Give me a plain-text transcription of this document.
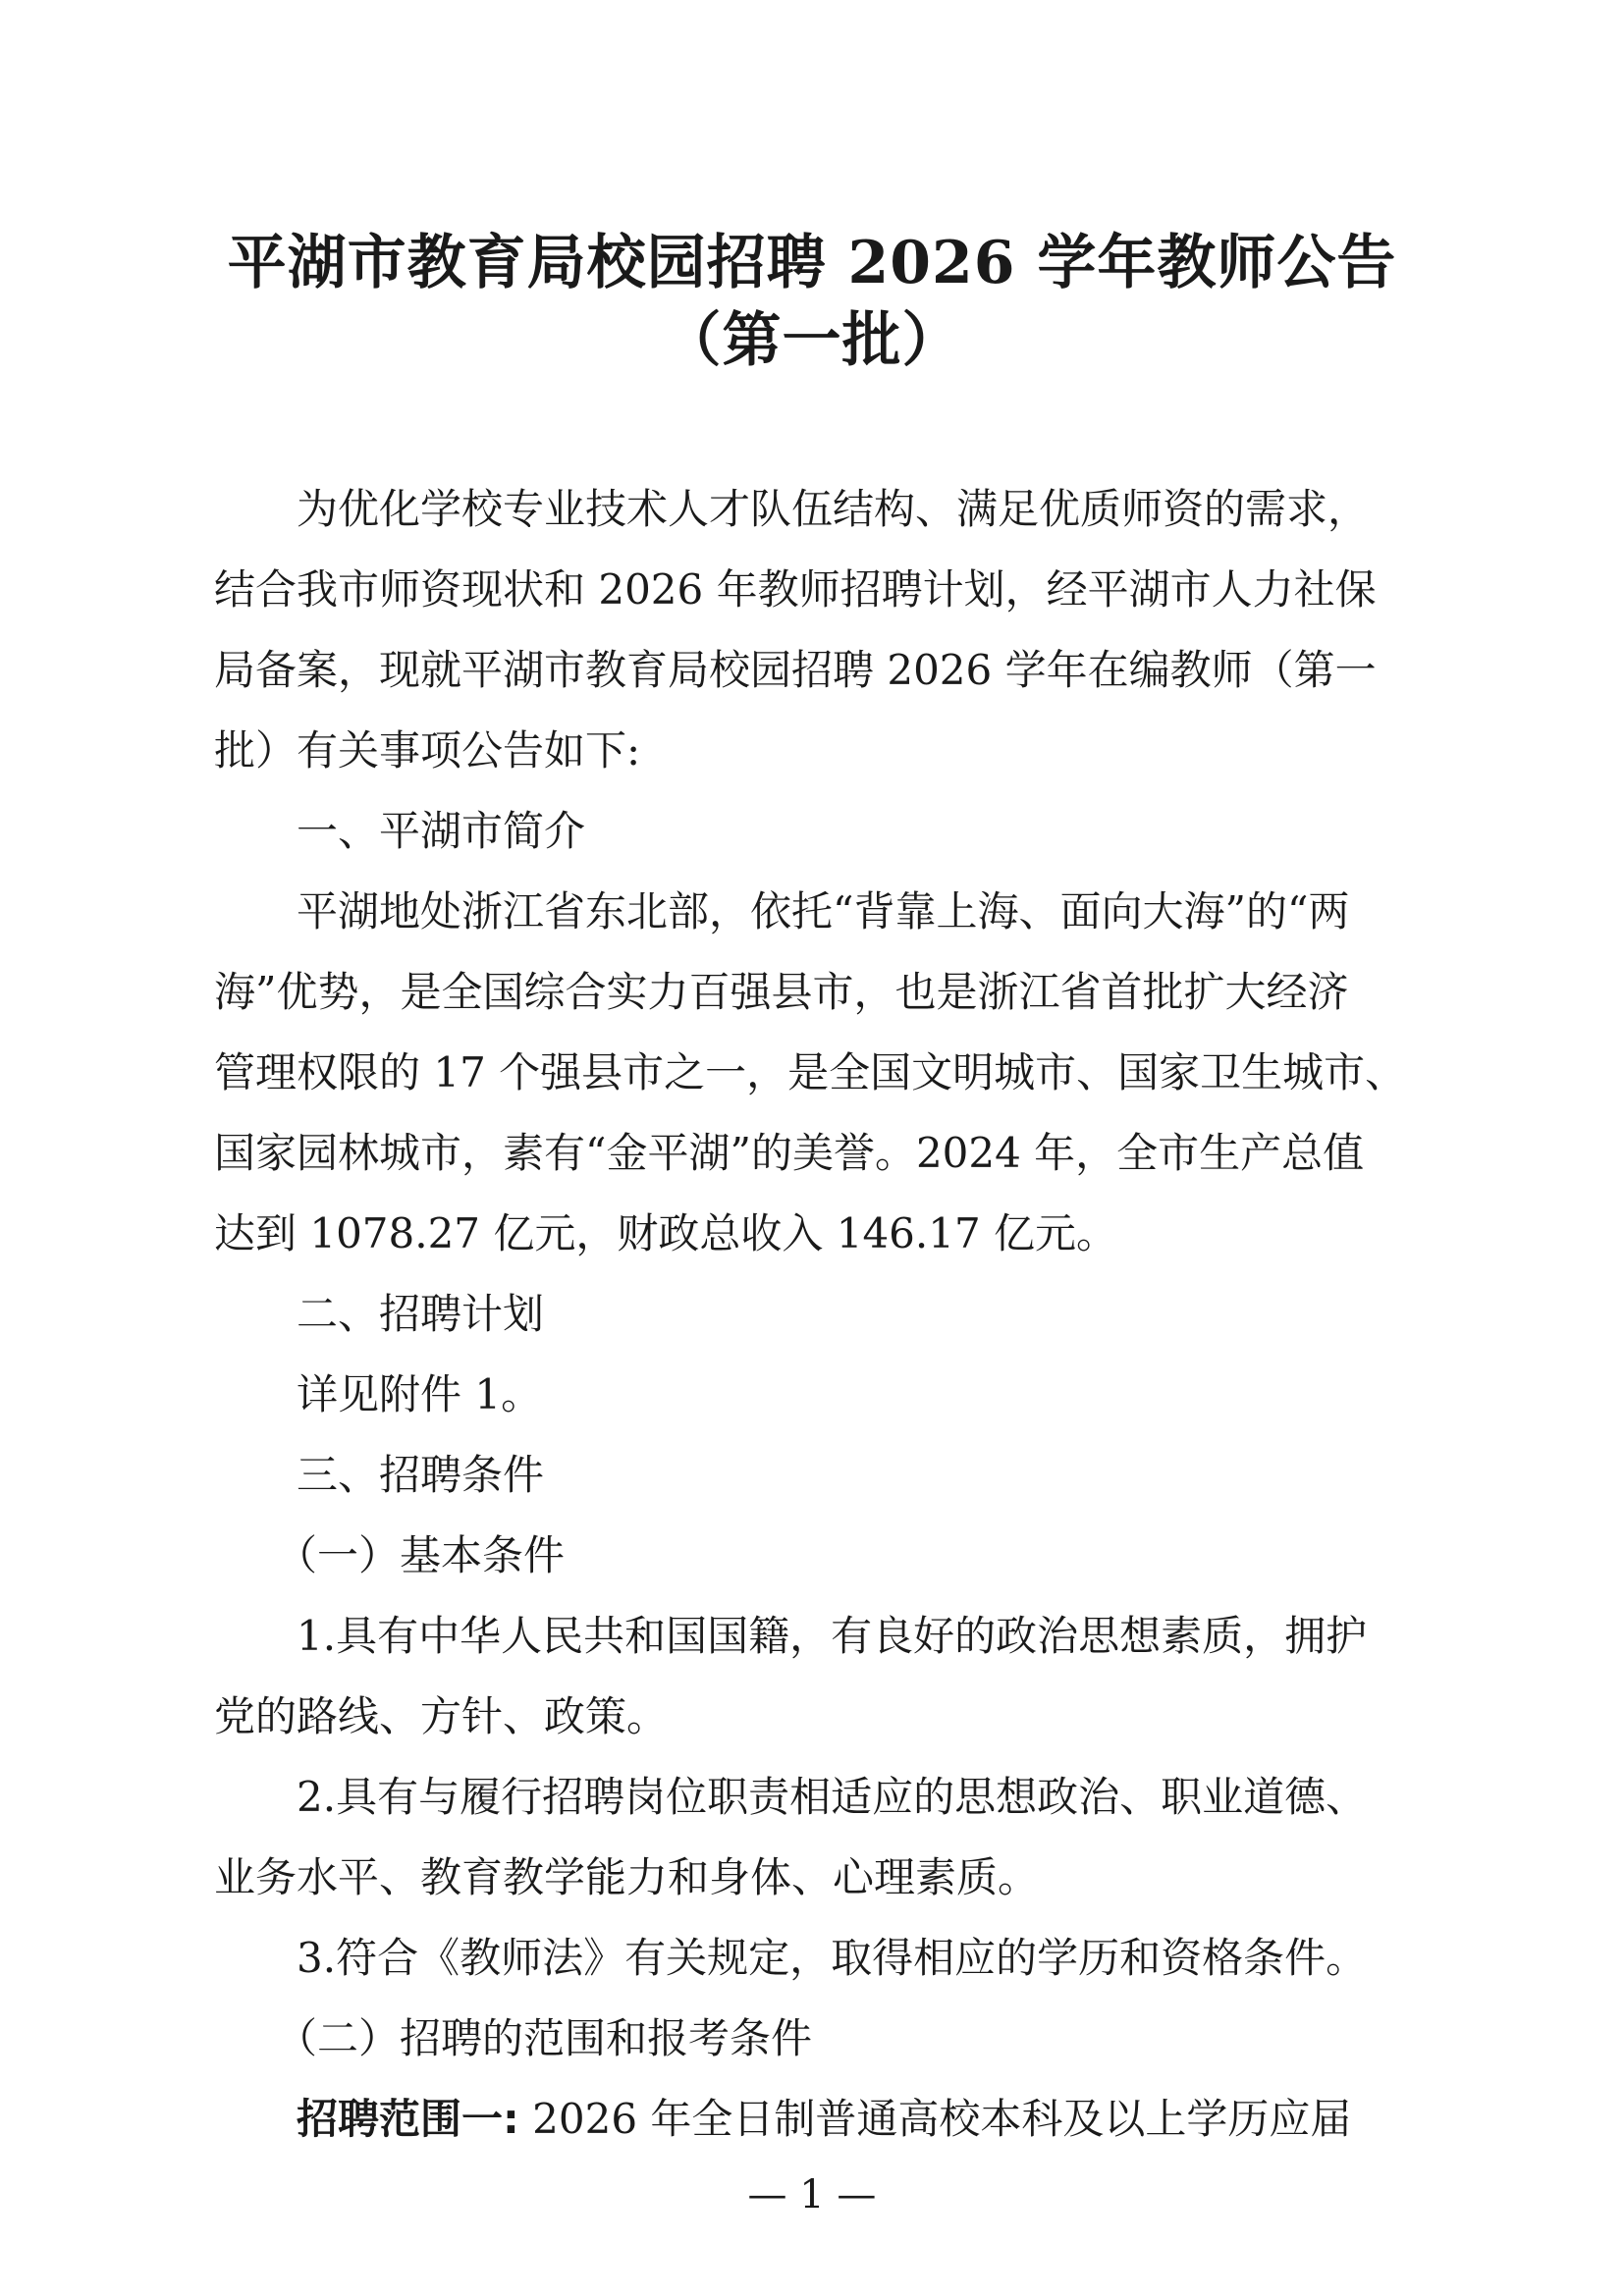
平湖市教育局校园招聘 2026 学年教师公告
（第一批）
　　为优化学校专业技术人才队伍结构、满足优质师资的需求，
结合我市师资现状和 2026 年教师招聘计划，经平湖市人力社保
局备案，现就平湖市教育局校园招聘 2026 学年在编教师（第一
批）有关事项公告如下:
　　一、平湖市简介
　　平湖地处浙江省东北部，依托“背靠上海、面向大海”的“两
海”优势，是全国综合实力百强县市，也是浙江省首批扩大经济
管理权限的 17 个强县市之一，是全国文明城市、国家卫生城市、
国家园林城市，素有“金平湖”的美誉。2024 年，全市生产总值
达到 1078.27 亿元，财政总收入 146.17 亿元。
　　二、招聘计划
　　详见附件 1。
　　三、招聘条件
　　（一）基本条件
　　1.具有中华人民共和国国籍，有良好的政治思想素质，拥护
党的路线、方针、政策。
　　2.具有与履行招聘岗位职责相适应的思想政治、职业道德、
业务水平、教育教学能力和身体、心理素质。
　　3.符合《教师法》有关规定，取得相应的学历和资格条件。
　　（二）招聘的范围和报考条件
招聘范围一: 2026 年全日制普通高校本科及以上学历应届
— 1 —
